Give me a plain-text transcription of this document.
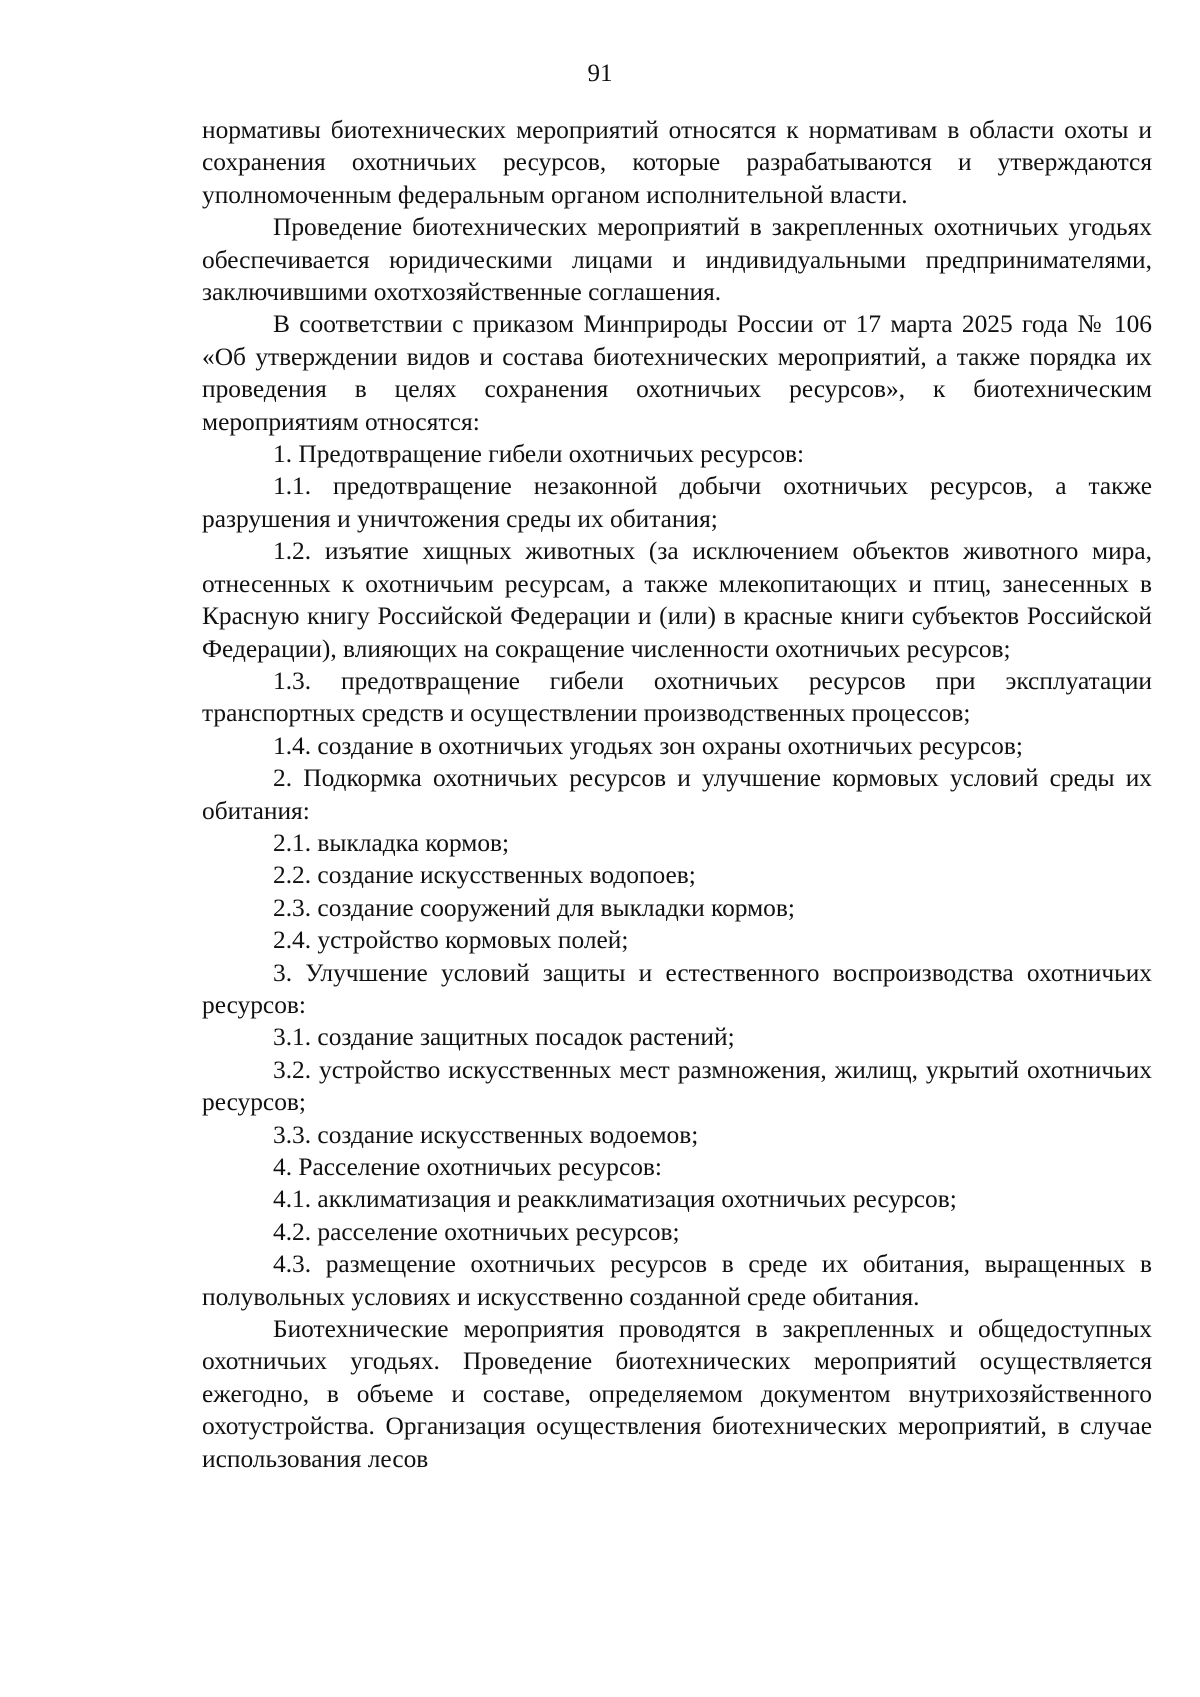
91

нормативы биотехнических мероприятий относятся к нормативам в области охоты и сохранения охотничьих ресурсов, которые разрабатываются и утверждаются уполномоченным федеральным органом исполнительной власти.

Проведение биотехнических мероприятий в закрепленных охотничьих угодьях обеспечивается юридическими лицами и индивидуальными предпринимателями, заключившими охотхозяйственные соглашения.

В соответствии с приказом Минприроды России от 17 марта 2025 года № 106 «Об утверждении видов и состава биотехнических мероприятий, а также порядка их проведения в целях сохранения охотничьих ресурсов», к биотехническим мероприятиям относятся:

1. Предотвращение гибели охотничьих ресурсов:

1.1. предотвращение незаконной добычи охотничьих ресурсов, а также разрушения и уничтожения среды их обитания;

1.2. изъятие хищных животных (за исключением объектов животного мира, отнесенных к охотничьим ресурсам, а также млекопитающих и птиц, занесенных в Красную книгу Российской Федерации и (или) в красные книги субъектов Российской Федерации), влияющих на сокращение численности охотничьих ресурсов;

1.3. предотвращение гибели охотничьих ресурсов при эксплуатации транспортных средств и осуществлении производственных процессов;

1.4. создание в охотничьих угодьях зон охраны охотничьих ресурсов;

2. Подкормка охотничьих ресурсов и улучшение кормовых условий среды их обитания:

2.1. выкладка кормов;

2.2. создание искусственных водопоев;

2.3. создание сооружений для выкладки кормов;

2.4. устройство кормовых полей;

3. Улучшение условий защиты и естественного воспроизводства охотничьих ресурсов:

3.1. создание защитных посадок растений;

3.2. устройство искусственных мест размножения, жилищ, укрытий охотничьих ресурсов;

3.3. создание искусственных водоемов;

4. Расселение охотничьих ресурсов:

4.1. акклиматизация и реакклиматизация охотничьих ресурсов;

4.2. расселение охотничьих ресурсов;

4.3. размещение охотничьих ресурсов в среде их обитания, выращенных в полувольных условиях и искусственно созданной среде обитания.

Биотехнические мероприятия проводятся в закрепленных и общедоступных охотничьих угодьях. Проведение биотехнических мероприятий осуществляется ежегодно, в объеме и составе, определяемом документом внутрихозяйственного охотустройства. Организация осуществления биотехнических мероприятий, в случае использования лесов
